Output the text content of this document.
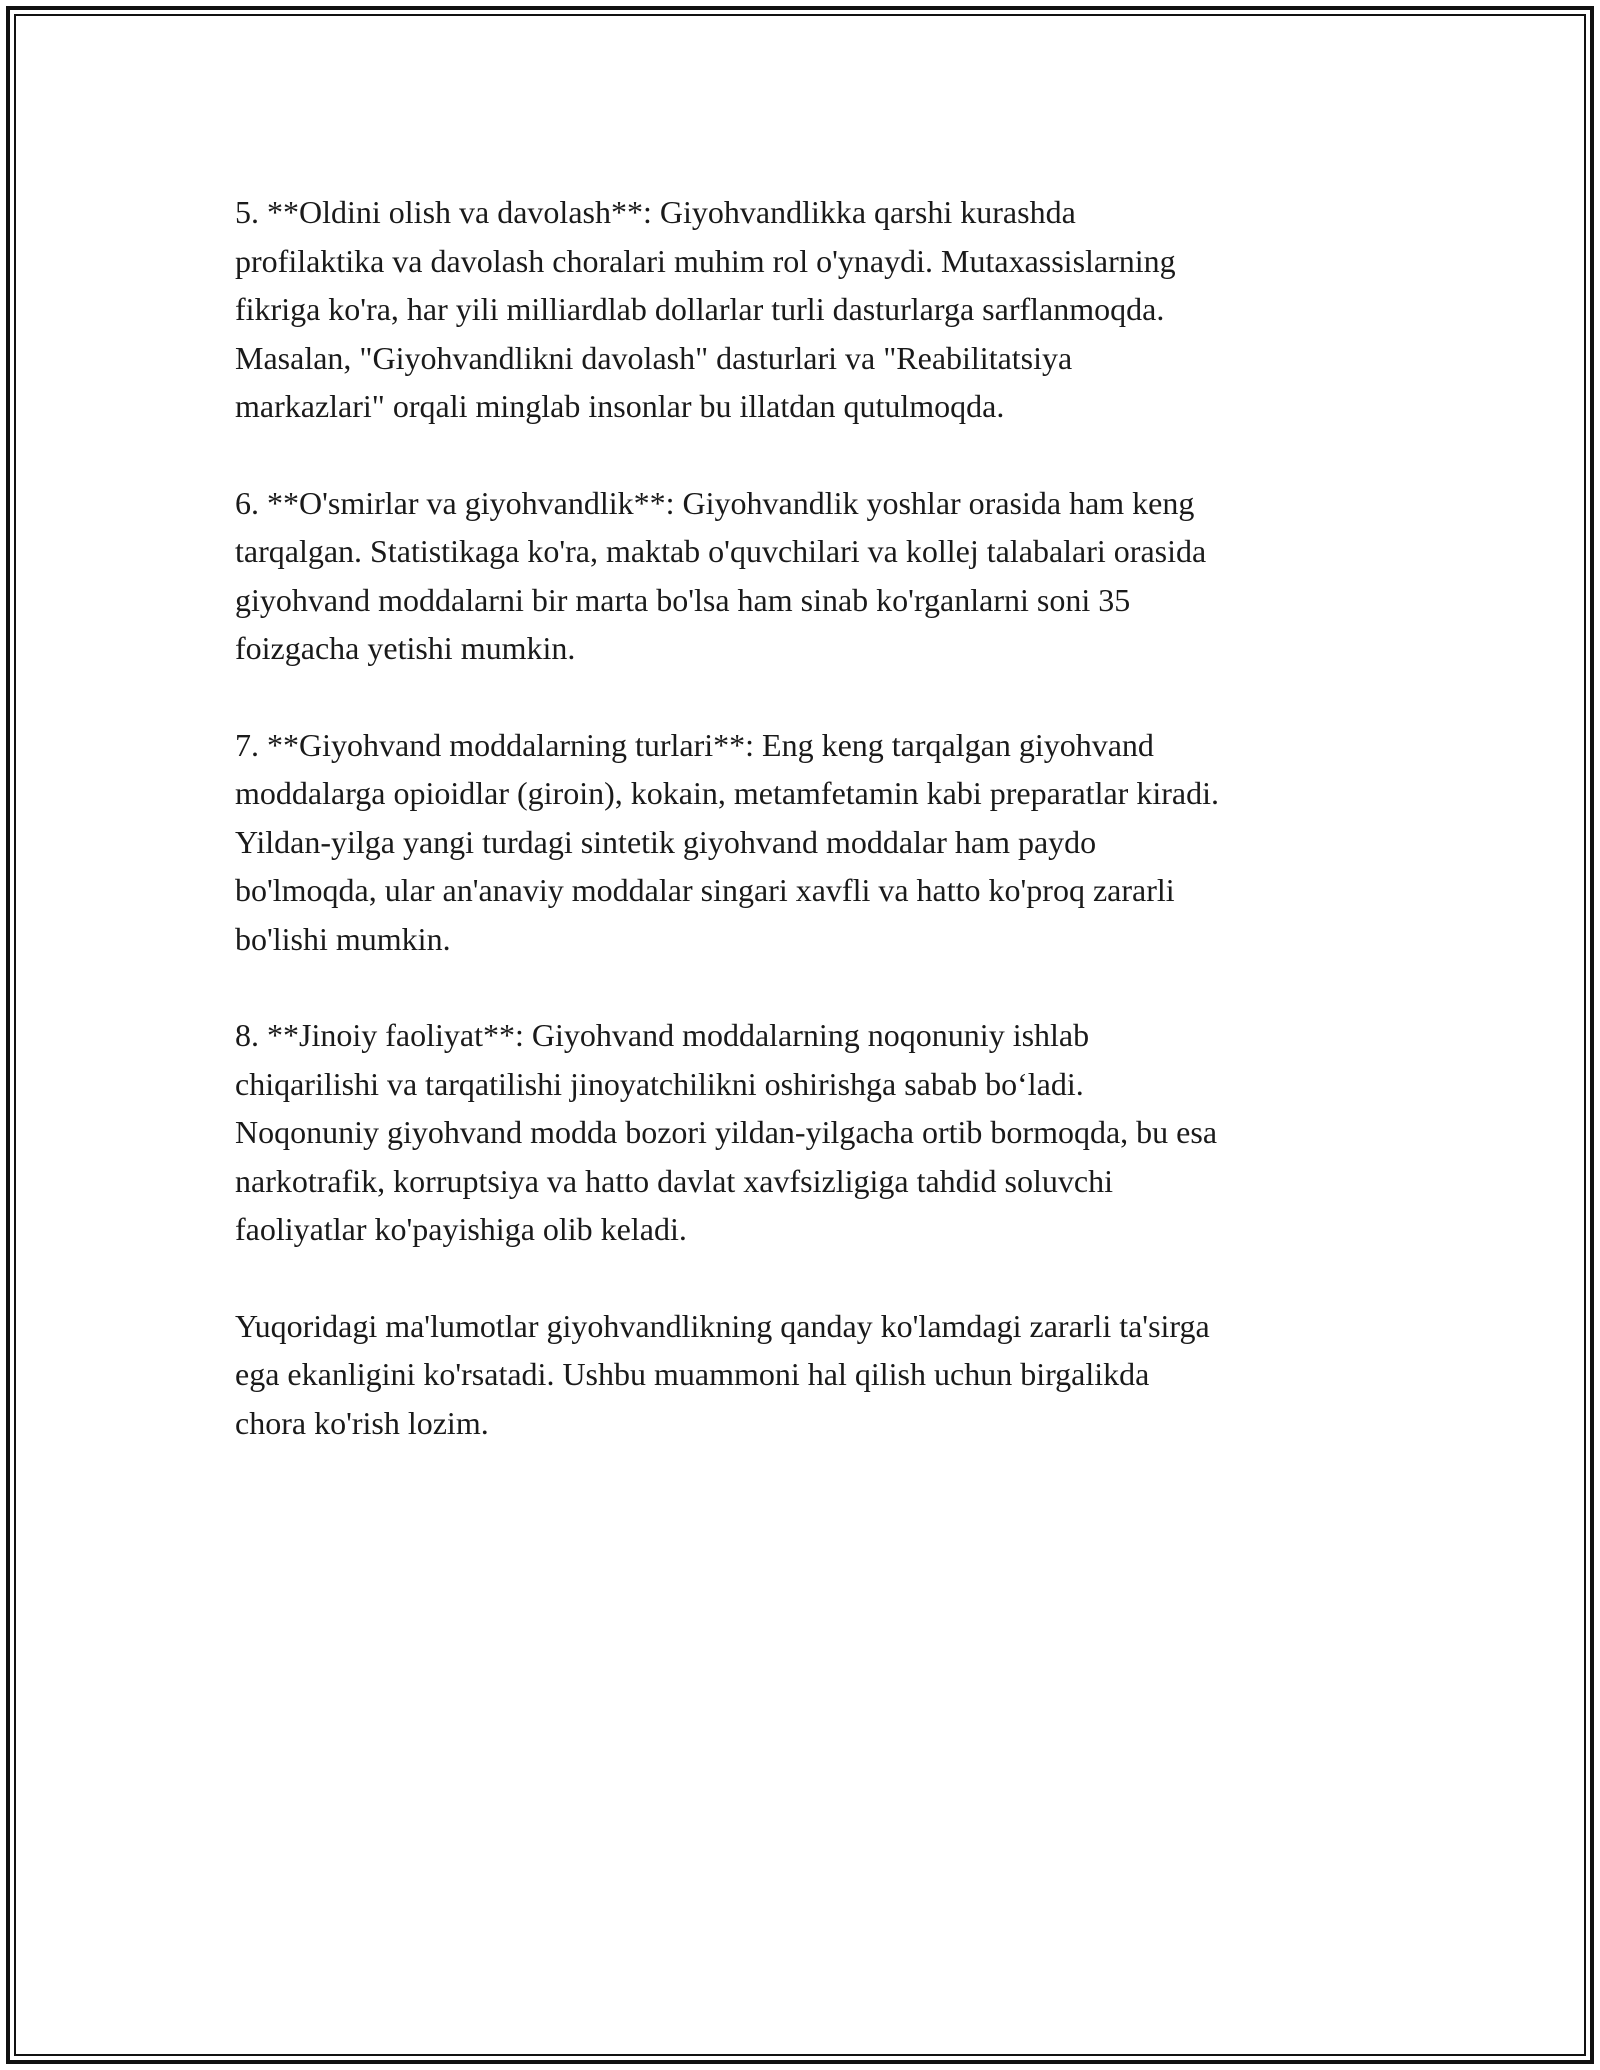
5. **Oldini olish va davolash**: Giyohvandlikka qarshi kurashda
profilaktika va davolash choralari muhim rol o'ynaydi. Mutaxassislarning
fikriga ko'ra, har yili milliardlab dollarlar turli dasturlarga sarflanmoqda.
Masalan, "Giyohvandlikni davolash" dasturlari va "Reabilitatsiya
markazlari" orqali minglab insonlar bu illatdan qutulmoqda.

6. **O'smirlar va giyohvandlik**: Giyohvandlik yoshlar orasida ham keng
tarqalgan. Statistikaga ko'ra, maktab o'quvchilari va kollej talabalari orasida
giyohvand moddalarni bir marta bo'lsa ham sinab ko'rganlarni soni 35
foizgacha yetishi mumkin.

7. **Giyohvand moddalarning turlari**: Eng keng tarqalgan giyohvand
moddalarga opioidlar (giroin), kokain, metamfetamin kabi preparatlar kiradi.
Yildan-yilga yangi turdagi sintetik giyohvand moddalar ham paydo
bo'lmoqda, ular an'anaviy moddalar singari xavfli va hatto ko'proq zararli
bo'lishi mumkin.

8. **Jinoiy faoliyat**: Giyohvand moddalarning noqonuniy ishlab
chiqarilishi va tarqatilishi jinoyatchilikni oshirishga sabab bo‘ladi.
Noqonuniy giyohvand modda bozori yildan-yilgacha ortib bormoqda, bu esa
narkotrafik, korruptsiya va hatto davlat xavfsizligiga tahdid soluvchi
faoliyatlar ko'payishiga olib keladi.

Yuqoridagi ma'lumotlar giyohvandlikning qanday ko'lamdagi zararli ta'sirga
ega ekanligini ko'rsatadi. Ushbu muammoni hal qilish uchun birgalikda
chora ko'rish lozim.
